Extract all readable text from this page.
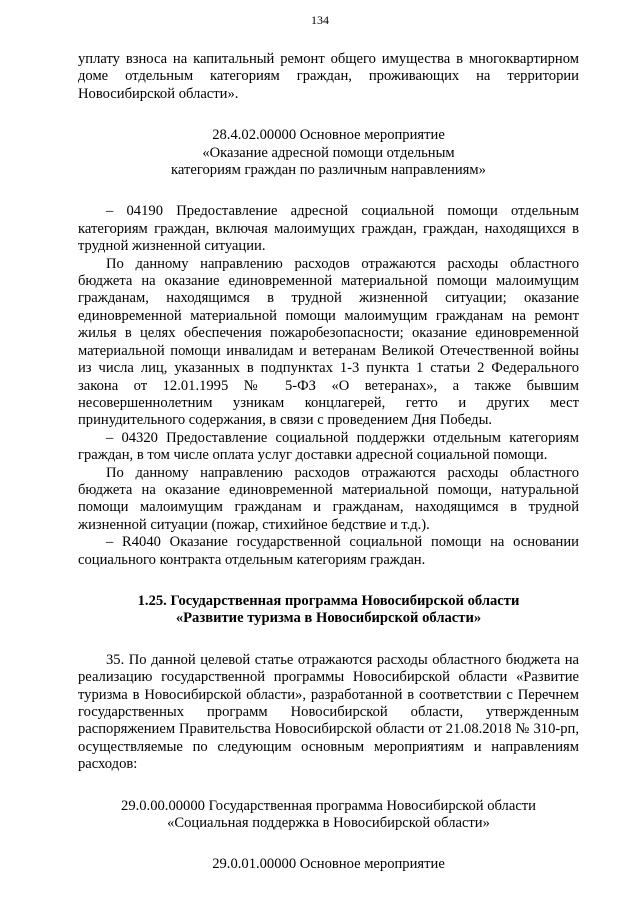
134

уплату взноса на капитальный ремонт общего имущества в многоквартирном доме отдельным категориям граждан, проживающих на территории Новосибирской области».

28.4.02.00000 Основное мероприятие
«Оказание адресной помощи отдельным
категориям граждан по различным направлениям»

– 04190 Предоставление адресной социальной помощи отдельным категориям граждан, включая малоимущих граждан, граждан, находящихся в трудной жизненной ситуации.

По данному направлению расходов отражаются расходы областного бюджета на оказание единовременной материальной помощи малоимущим гражданам, находящимся в трудной жизненной ситуации; оказание единовременной материальной помощи малоимущим гражданам на ремонт жилья в целях обеспечения пожаробезопасности; оказание единовременной материальной помощи инвалидам и ветеранам Великой Отечественной войны из числа лиц, указанных в подпунктах 1-3 пункта 1 статьи 2 Федерального закона от 12.01.1995 № 5-ФЗ «О ветеранах», а также бывшим несовершеннолетним узникам концлагерей, гетто и других мест принудительного содержания, в связи с проведением Дня Победы.

– 04320 Предоставление социальной поддержки отдельным категориям граждан, в том числе оплата услуг доставки адресной социальной помощи.

По данному направлению расходов отражаются расходы областного бюджета на оказание единовременной материальной помощи, натуральной помощи малоимущим гражданам и гражданам, находящимся в трудной жизненной ситуации (пожар, стихийное бедствие и т.д.).

– R4040 Оказание государственной социальной помощи на основании социального контракта отдельным категориям граждан.

1.25. Государственная программа Новосибирской области
«Развитие туризма в Новосибирской области»

35. По данной целевой статье отражаются расходы областного бюджета на реализацию государственной программы Новосибирской области «Развитие туризма в Новосибирской области», разработанной в соответствии с Перечнем государственных программ Новосибирской области, утвержденным распоряжением Правительства Новосибирской области от 21.08.2018 № 310-рп, осуществляемые по следующим основным мероприятиям и направлениям расходов:

29.0.00.00000 Государственная программа Новосибирской области
«Социальная поддержка в Новосибирской области»
29.0.01.00000 Основное мероприятие
